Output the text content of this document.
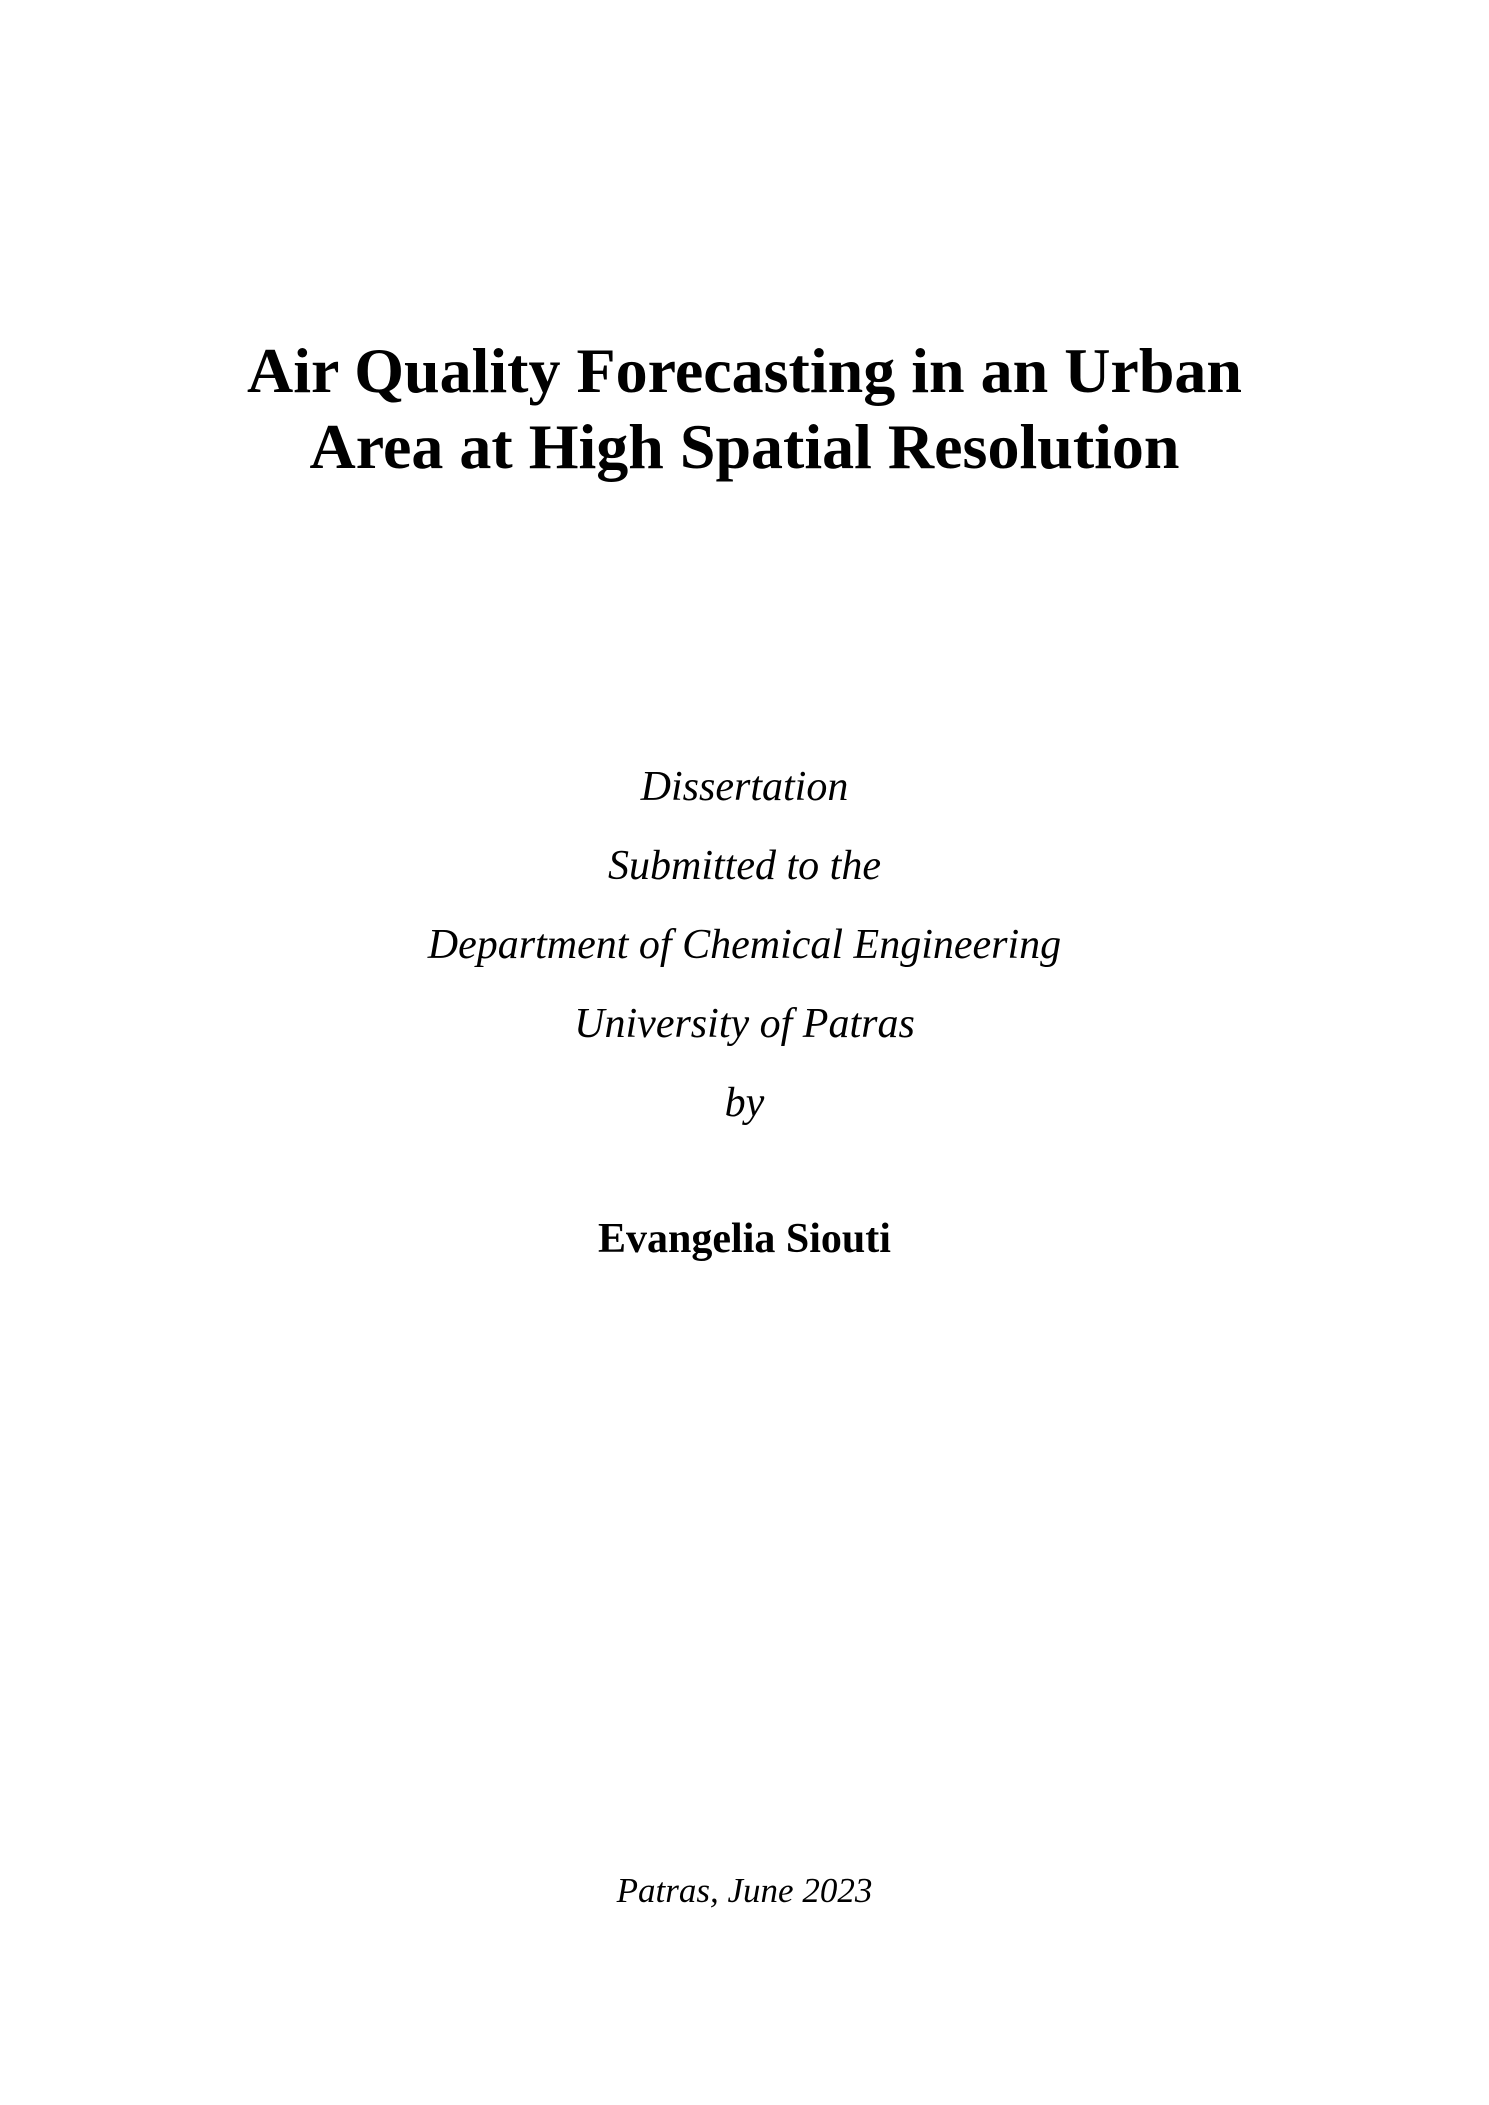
Air Quality Forecasting in an Urban
Area at High Spatial Resolution
Dissertation
Submitted to the
Department of Chemical Engineering
University of Patras
by
Evangelia Siouti
Patras, June 2023
